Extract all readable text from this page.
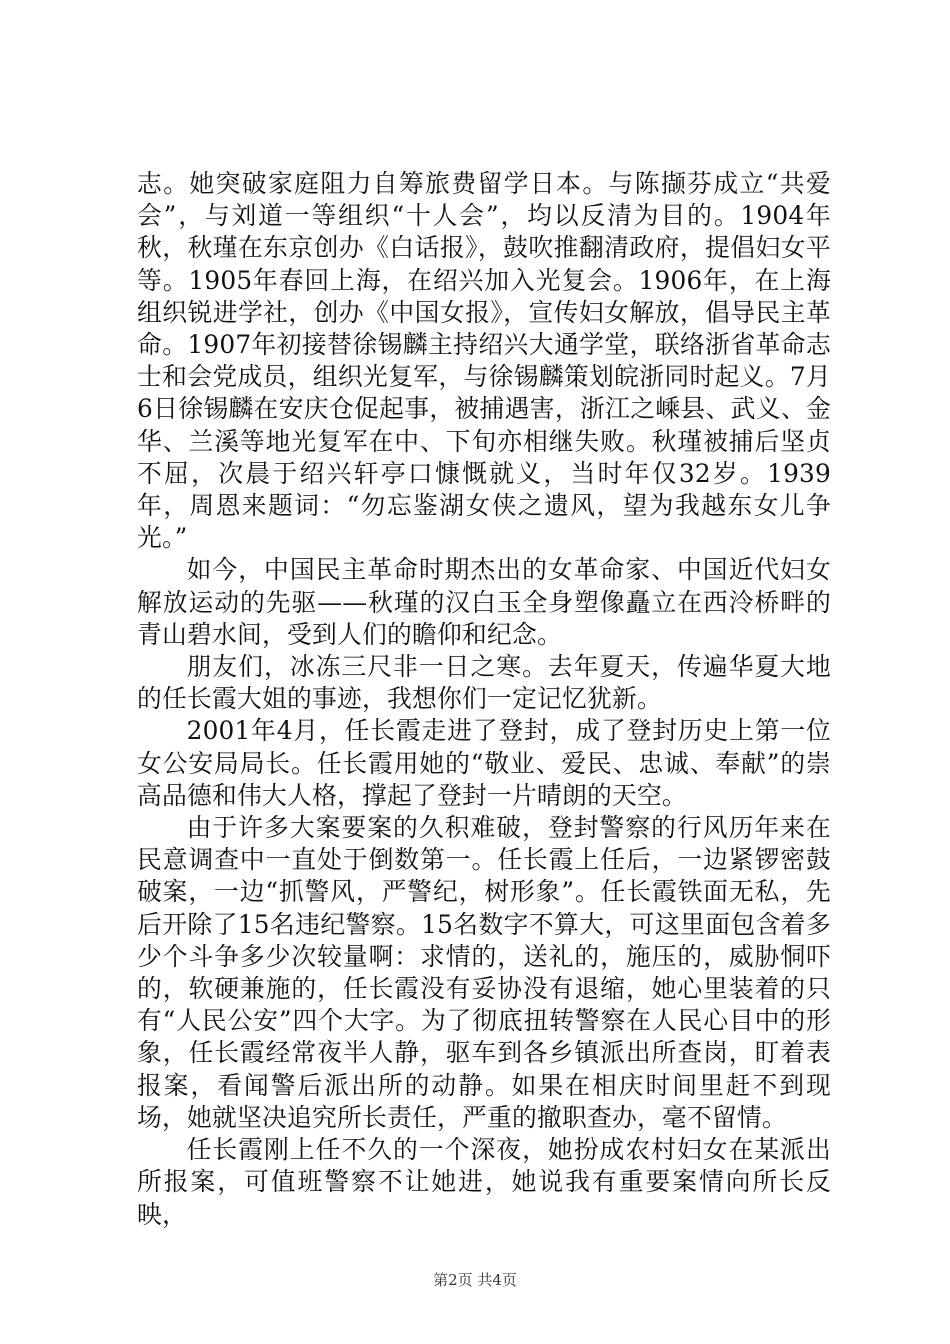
志。她突破家庭阻力自筹旅费留学日本。与陈撷芬成立“共爱会”，与刘道一等组织“十人会”，均以反清为目的。1904年秋，秋瑾在东京创办《白话报》，鼓吹推翻清政府，提倡妇女平等。1905年春回上海，在绍兴加入光复会。1906年，在上海组织锐进学社，创办《中国女报》，宣传妇女解放，倡导民主革命。1907年初接替徐锡麟主持绍兴大通学堂，联络浙省革命志士和会党成员，组织光复军，与徐锡麟策划皖浙同时起义。7月6日徐锡麟在安庆仓促起事，被捕遇害，浙江之嵊县、武义、金华、兰溪等地光复军在中、下旬亦相继失败。秋瑾被捕后坚贞不屈，次晨于绍兴轩亭口慷慨就义，当时年仅32岁。1939年，周恩来题词：“勿忘鉴湖女侠之遗风，望为我越东女儿争光。”

如今，中国民主革命时期杰出的女革命家、中国近代妇女解放运动的先驱——秋瑾的汉白玉全身塑像矗立在西泠桥畔的青山碧水间，受到人们的瞻仰和纪念。

朋友们，冰冻三尺非一日之寒。去年夏天，传遍华夏大地的任长霞大姐的事迹，我想你们一定记忆犹新。

2001年4月，任长霞走进了登封，成了登封历史上第一位女公安局局长。任长霞用她的“敬业、爱民、忠诚、奉献”的崇高品德和伟大人格，撑起了登封一片晴朗的天空。

由于许多大案要案的久积难破，登封警察的行风历年来在民意调查中一直处于倒数第一。任长霞上任后，一边紧锣密鼓破案，一边“抓警风，严警纪，树形象”。任长霞铁面无私，先后开除了15名违纪警察。15名数字不算大，可这里面包含着多少个斗争多少次较量啊：求情的，送礼的，施压的，威胁恫吓的，软硬兼施的，任长霞没有妥协没有退缩，她心里装着的只有“人民公安”四个大字。为了彻底扭转警察在人民心目中的形象，任长霞经常夜半人静，驱车到各乡镇派出所查岗，盯着表报案，看闻警后派出所的动静。如果在相庆时间里赶不到现场，她就坚决追究所长责任，严重的撤职查办，毫不留情。

任长霞刚上任不久的一个深夜，她扮成农村妇女在某派出所报案，可值班警察不让她进，她说我有重要案情向所长反映，

第2页 共4页
